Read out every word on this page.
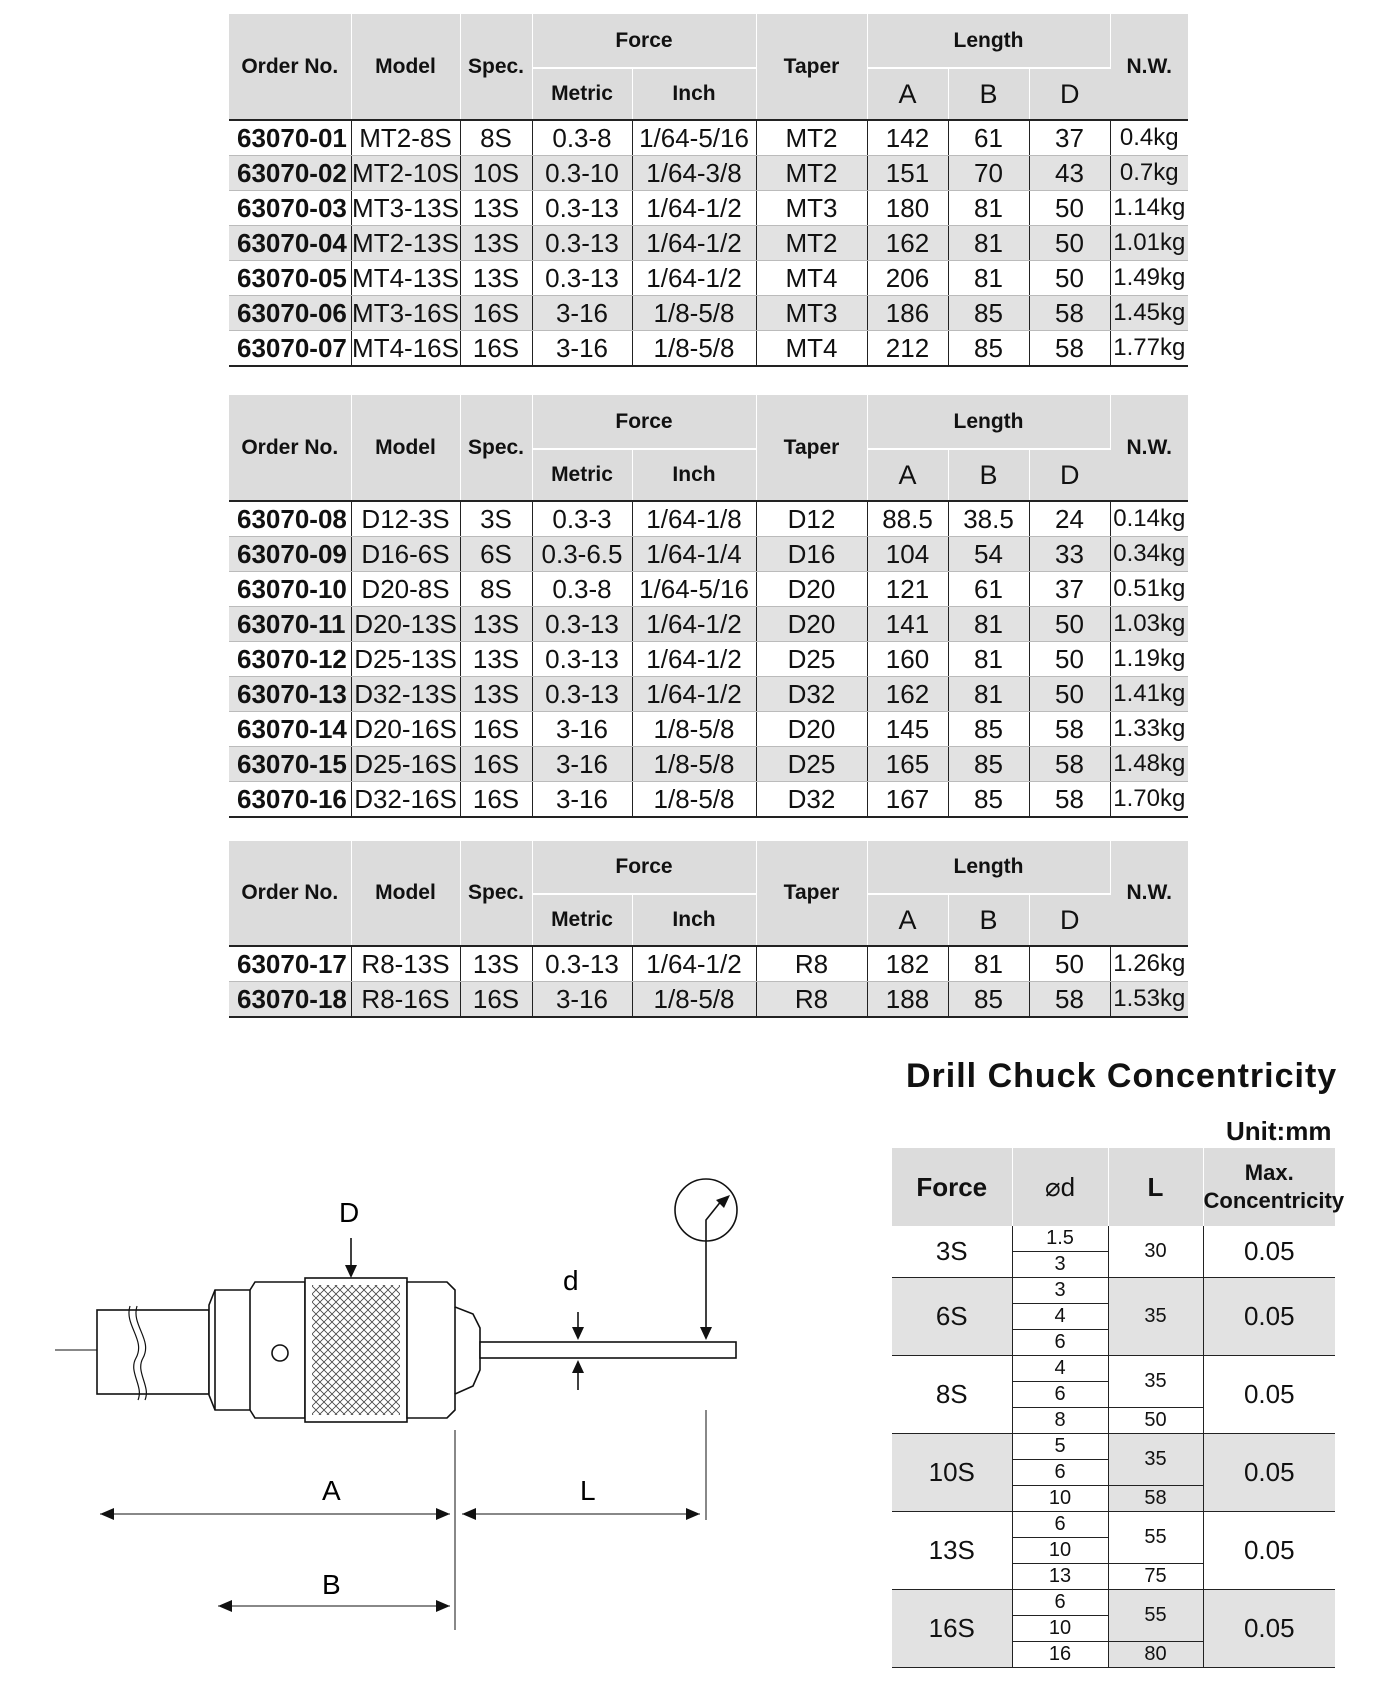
Order No.	Model	Spec.	Force		Taper	Length			N.W.
			Metric	Inch		A	B	D	
63070-01	MT2-8S	8S	0.3-8	1/64-5/16	MT2	142	61	37	0.4kg
63070-02	MT2-10S	10S	0.3-10	1/64-3/8	MT2	151	70	43	0.7kg
63070-03	MT3-13S	13S	0.3-13	1/64-1/2	MT3	180	81	50	1.14kg
63070-04	MT2-13S	13S	0.3-13	1/64-1/2	MT2	162	81	50	1.01kg
63070-05	MT4-13S	13S	0.3-13	1/64-1/2	MT4	206	81	50	1.49kg
63070-06	MT3-16S	16S	3-16	1/8-5/8	MT3	186	85	58	1.45kg
63070-07	MT4-16S	16S	3-16	1/8-5/8	MT4	212	85	58	1.77kg
Order No.	Model	Spec.	Force		Taper	Length			N.W.
			Metric	Inch		A	B	D	
63070-08	D12-3S	3S	0.3-3	1/64-1/8	D12	88.5	38.5	24	0.14kg
63070-09	D16-6S	6S	0.3-6.5	1/64-1/4	D16	104	54	33	0.34kg
63070-10	D20-8S	8S	0.3-8	1/64-5/16	D20	121	61	37	0.51kg
63070-11	D20-13S	13S	0.3-13	1/64-1/2	D20	141	81	50	1.03kg
63070-12	D25-13S	13S	0.3-13	1/64-1/2	D25	160	81	50	1.19kg
63070-13	D32-13S	13S	0.3-13	1/64-1/2	D32	162	81	50	1.41kg
63070-14	D20-16S	16S	3-16	1/8-5/8	D20	145	85	58	1.33kg
63070-15	D25-16S	16S	3-16	1/8-5/8	D25	165	85	58	1.48kg
63070-16	D32-16S	16S	3-16	1/8-5/8	D32	167	85	58	1.70kg
Order No.	Model	Spec.	Force		Taper	Length			N.W.
			Metric	Inch		A	B	D	
63070-17	R8-13S	13S	0.3-13	1/64-1/2	R8	182	81	50	1.26kg
63070-18	R8-16S	16S	3-16	1/8-5/8	R8	188	85	58	1.53kg
D
d
A	L
B
Drill Chuck Concentricity
Unit:mm
Force	⌀d	L	Max.
Concentricity
3S	1.5	30	0.05
	3		
6S	3	35	0.05
	4		
	6		
8S	4	35	0.05
	6		
	8	50	
10S	5	35	0.05
	6		
	10	58	
13S	6	55	0.05
	10		
	13	75	
16S	6	55	0.05
	10		
	16	80	
